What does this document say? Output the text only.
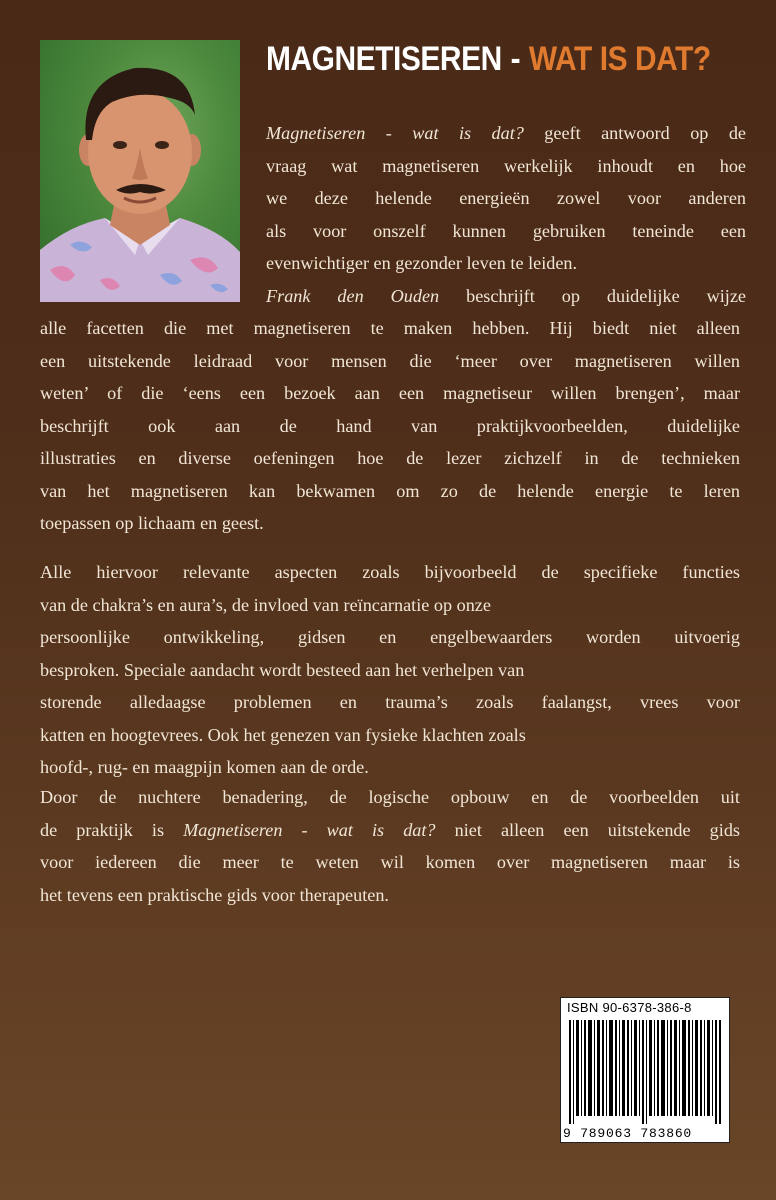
MAGNETISEREN - WAT IS DAT?
Magnetiseren - wat is dat? geeft antwoord op de
vraag wat magnetiseren werkelijk inhoudt en hoe
we deze helende energieën zowel voor anderen
als voor onszelf kunnen gebruiken teneinde een
evenwichtiger en gezonder leven te leiden.
Frank den Ouden beschrijft op duidelijke wijze
alle facetten die met magnetiseren te maken hebben. Hij biedt niet alleen
een uitstekende leidraad voor mensen die ‘meer over magnetiseren willen
weten’ of die ‘eens een bezoek aan een magnetiseur willen brengen’, maar
beschrijft ook aan de hand van praktijkvoorbeelden, duidelijke
illustraties en diverse oefeningen hoe de lezer zichzelf in de technieken
van het magnetiseren kan bekwamen om zo de helende energie te leren
toepassen op lichaam en geest.
Alle hiervoor relevante aspecten zoals bijvoorbeeld de specifieke functies
van de chakra’s en aura’s, de invloed van reïncarnatie op onze
persoonlijke ontwikkeling, gidsen en engelbewaarders worden uitvoerig
besproken. Speciale aandacht wordt besteed aan het verhelpen van
storende alledaagse problemen en trauma’s zoals faalangst, vrees voor
katten en hoogtevrees. Ook het genezen van fysieke klachten zoals
hoofd-, rug- en maagpijn komen aan de orde.
Door de nuchtere benadering, de logische opbouw en de voorbeelden uit
de praktijk is Magnetiseren - wat is dat? niet alleen een uitstekende gids
voor iedereen die meer te weten wil komen over magnetiseren maar is
het tevens een praktische gids voor therapeuten.
ISBN 90-6378-386-8
9 789063 783860
